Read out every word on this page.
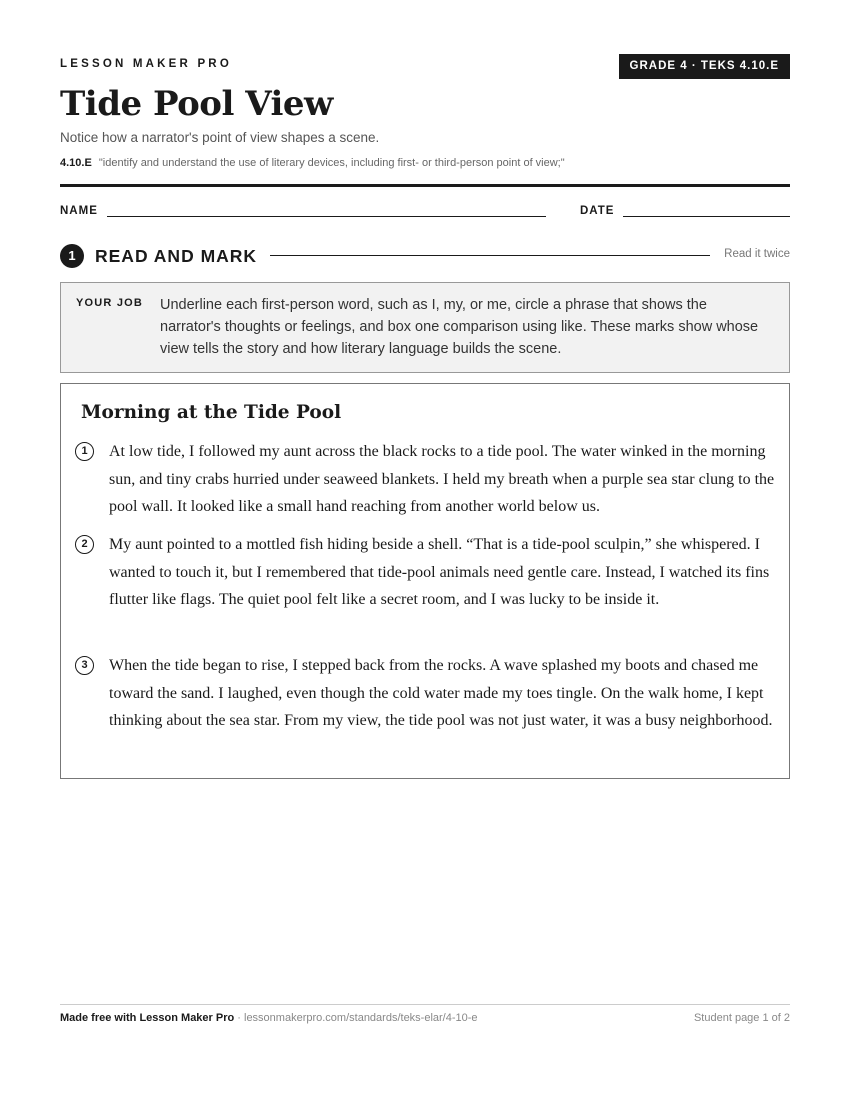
LESSON MAKER PRO	GRADE 4 · TEKS 4.10.E
Tide Pool View
Notice how a narrator's point of view shapes a scene.
4.10.E "identify and understand the use of literary devices, including first- or third-person point of view;"
NAME	DATE
1	READ AND MARK	Read it twice
YOUR JOB Underline each first-person word, such as I, my, or me, circle a phrase that shows the narrator's thoughts or feelings, and box one comparison using like. These marks show whose view tells the story and how literary language builds the scene.
Morning at the Tide Pool
1	At low tide, I followed my aunt across the black rocks to a tide pool. The water winked in the morning sun, and tiny crabs hurried under seaweed blankets. I held my breath when a purple sea star clung to the pool wall. It looked like a small hand reaching from another world below us.
2	My aunt pointed to a mottled fish hiding beside a shell. “That is a tide-pool sculpin,” she whispered. I wanted to touch it, but I remembered that tide-pool animals need gentle care. Instead, I watched its fins flutter like flags. The quiet pool felt like a secret room, and I was lucky to be inside it.
3	When the tide began to rise, I stepped back from the rocks. A wave splashed my boots and chased me toward the sand. I laughed, even though the cold water made my toes tingle. On the walk home, I kept thinking about the sea star. From my view, the tide pool was not just water, it was a busy neighborhood.
Made free with Lesson Maker Pro · lessonmakerpro.com/standards/teks-elar/4-10-e	Student page 1 of 2
